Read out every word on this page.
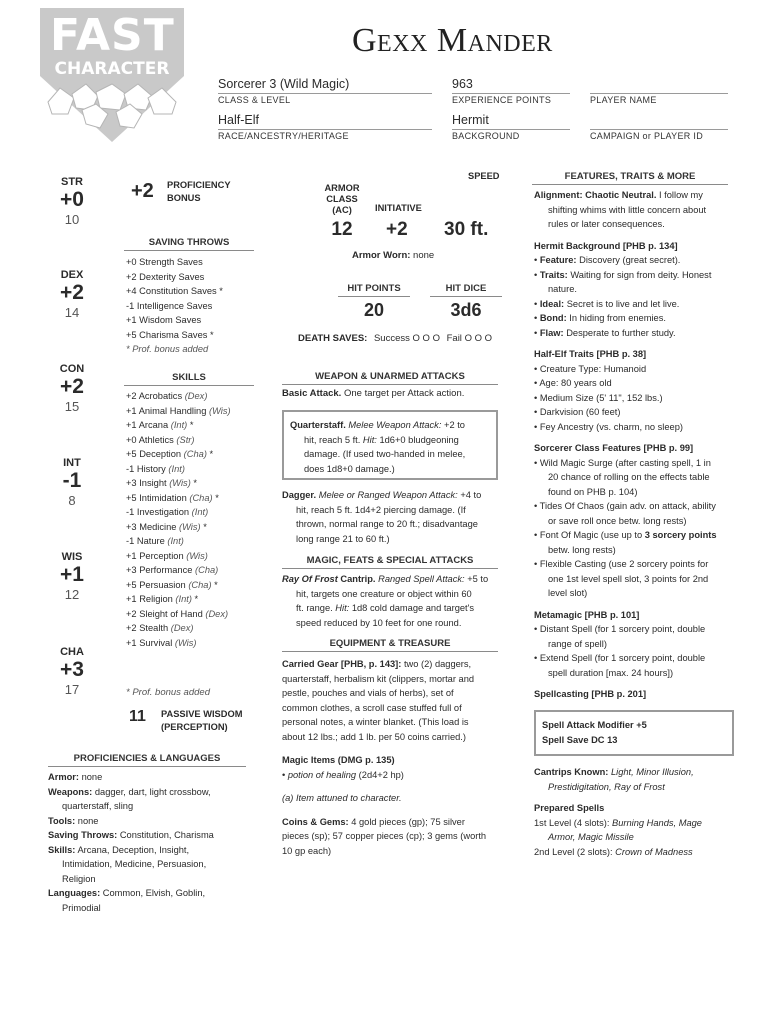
FAST
CHARACTER
Gexx Mander
Sorcerer 3 (Wild Magic)
CLASS & LEVEL
963
EXPERIENCE POINTS	PLAYER NAME
Half-Elf
RACE/ANCESTRY/HERITAGE
Hermit
BACKGROUND	CAMPAIGN or PLAYER ID
STR
+0
10
DEX
+2
14
CON
+2
15
INT
-1
8
WIS
+1
12
CHA
+3
17
+2 PROFICIENCY
BONUS
SAVING THROWS
+0 Strength Saves
+2 Dexterity Saves
+4 Constitution Saves *
-1 Intelligence Saves
+1 Wisdom Saves
+5 Charisma Saves *
* Prof. bonus added
SKILLS
+2 Acrobatics (Dex)
+1 Animal Handling (Wis)
+1 Arcana (Int) *
+0 Athletics (Str)
+5 Deception (Cha) *
-1 History (Int)
+3 Insight (Wis) *
+5 Intimidation (Cha) *
-1 Investigation (Int)
+3 Medicine (Wis) *
-1 Nature (Int)
+1 Perception (Wis)
+3 Performance (Cha)
+5 Persuasion (Cha) *
+1 Religion (Int) *
+2 Sleight of Hand (Dex)
+2 Stealth (Dex)
+1 Survival (Wis)
* Prof. bonus added
11 PASSIVE WISDOM
(PERCEPTION)
PROFICIENCIES & LANGUAGES
Armor: none
Weapons: dagger, dart, light crossbow,
quarterstaff, sling
Tools: none
Saving Throws: Constitution, Charisma
Skills: Arcana, Deception, Insight,
Intimidation, Medicine, Persuasion,
Religion
Languages: Common, Elvish, Goblin,
Primodial
SPEED
ARMOR
CLASS
(AC)	INITIATIVE
12	+2 30 ft.
Armor Worn: none
HIT POINTS	HIT DICE
20	3d6
DEATH SAVES: Success O O O Fail O O O
WEAPON & UNARMED ATTACKS
Basic Attack. One target per Attack action.
Quarterstaff. Melee Weapon Attack: +2 to
hit, reach 5 ft. Hit: 1d6+0 bludgeoning
damage. (If used two-handed in melee,
does 1d8+0 damage.)
Dagger. Melee or Ranged Weapon Attack: +4 to
hit, reach 5 ft. 1d4+2 piercing damage. (If
thrown, normal range to 20 ft.; disadvantage
long range 21 to 60 ft.)
MAGIC, FEATS & SPECIAL ATTACKS
Ray Of Frost Cantrip. Ranged Spell Attack: +5 to
hit, targets one creature or object within 60
ft. range. Hit: 1d8 cold damage and target's
speed reduced by 10 feet for one round.
EQUIPMENT & TREASURE
Carried Gear [PHB, p. 143]: two (2) daggers,
quarterstaff, herbalism kit (clippers, mortar and
pestle, pouches and vials of herbs), set of
common clothes, a scroll case stuffed full of
personal notes, a winter blanket. (This load is
about 12 lbs.; add 1 lb. per 50 coins carried.)
Magic Items (DMG p. 135)
• potion of healing (2d4+2 hp)
(a) Item attuned to character.
Coins & Gems: 4 gold pieces (gp); 75 silver
pieces (sp); 57 copper pieces (cp); 3 gems (worth
10 gp each)
FEATURES, TRAITS & MORE
Alignment: Chaotic Neutral. I follow my
shifting whims with little concern about
rules or later consequences.
Hermit Background [PHB p. 134]
• Feature: Discovery (great secret).
• Traits: Waiting for sign from deity. Honest
nature.
• Ideal: Secret is to live and let live.
• Bond: In hiding from enemies.
• Flaw: Desperate to further study.
Half-Elf Traits [PHB p. 38]
• Creature Type: Humanoid
• Age: 80 years old
• Medium Size (5' 11", 152 lbs.)
• Darkvision (60 feet)
• Fey Ancestry (vs. charm, no sleep)
Sorcerer Class Features [PHB p. 99]
• Wild Magic Surge (after casting spell, 1 in
20 chance of rolling on the effects table
found on PHB p. 104)
• Tides Of Chaos (gain adv. on attack, ability
or save roll once betw. long rests)
• Font Of Magic (use up to 3 sorcery points
betw. long rests)
• Flexible Casting (use 2 sorcery points for
one 1st level spell slot, 3 points for 2nd
level slot)
Metamagic [PHB p. 101]
• Distant Spell (for 1 sorcery point, double
range of spell)
• Extend Spell (for 1 sorcery point, double
spell duration [max. 24 hours])
Spellcasting [PHB p. 201]
Spell Attack Modifier +5
Spell Save DC 13
Cantrips Known: Light, Minor Illusion,
Prestidigitation, Ray of Frost
Prepared Spells
1st Level (4 slots): Burning Hands, Mage
Armor, Magic Missile
2nd Level (2 slots): Crown of Madness
